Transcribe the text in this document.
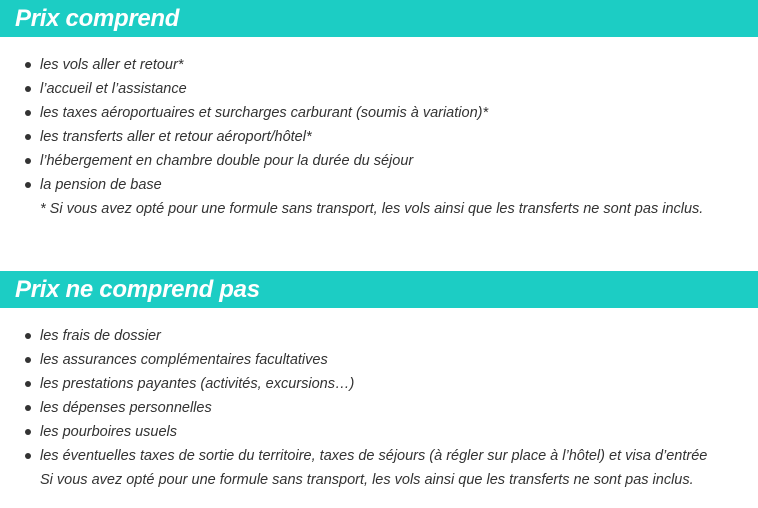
Prix comprend
les vols aller et retour*
l’accueil et l’assistance
les taxes aéroportuaires et surcharges carburant (soumis à variation)*
les transferts aller et retour aéroport/hôtel*
l’hébergement en chambre double pour la durée du séjour
la pension de base
* Si vous avez opté pour une formule sans transport, les vols ainsi que les transferts ne sont pas inclus.
Prix ne comprend pas
les frais de dossier
les assurances complémentaires facultatives
les prestations payantes (activités, excursions…)
les dépenses personnelles
les pourboires usuels
les éventuelles taxes de sortie du territoire, taxes de séjours (à régler sur place à l’hôtel) et visa d’entrée
Si vous avez opté pour une formule sans transport, les vols ainsi que les transferts ne sont pas inclus.
